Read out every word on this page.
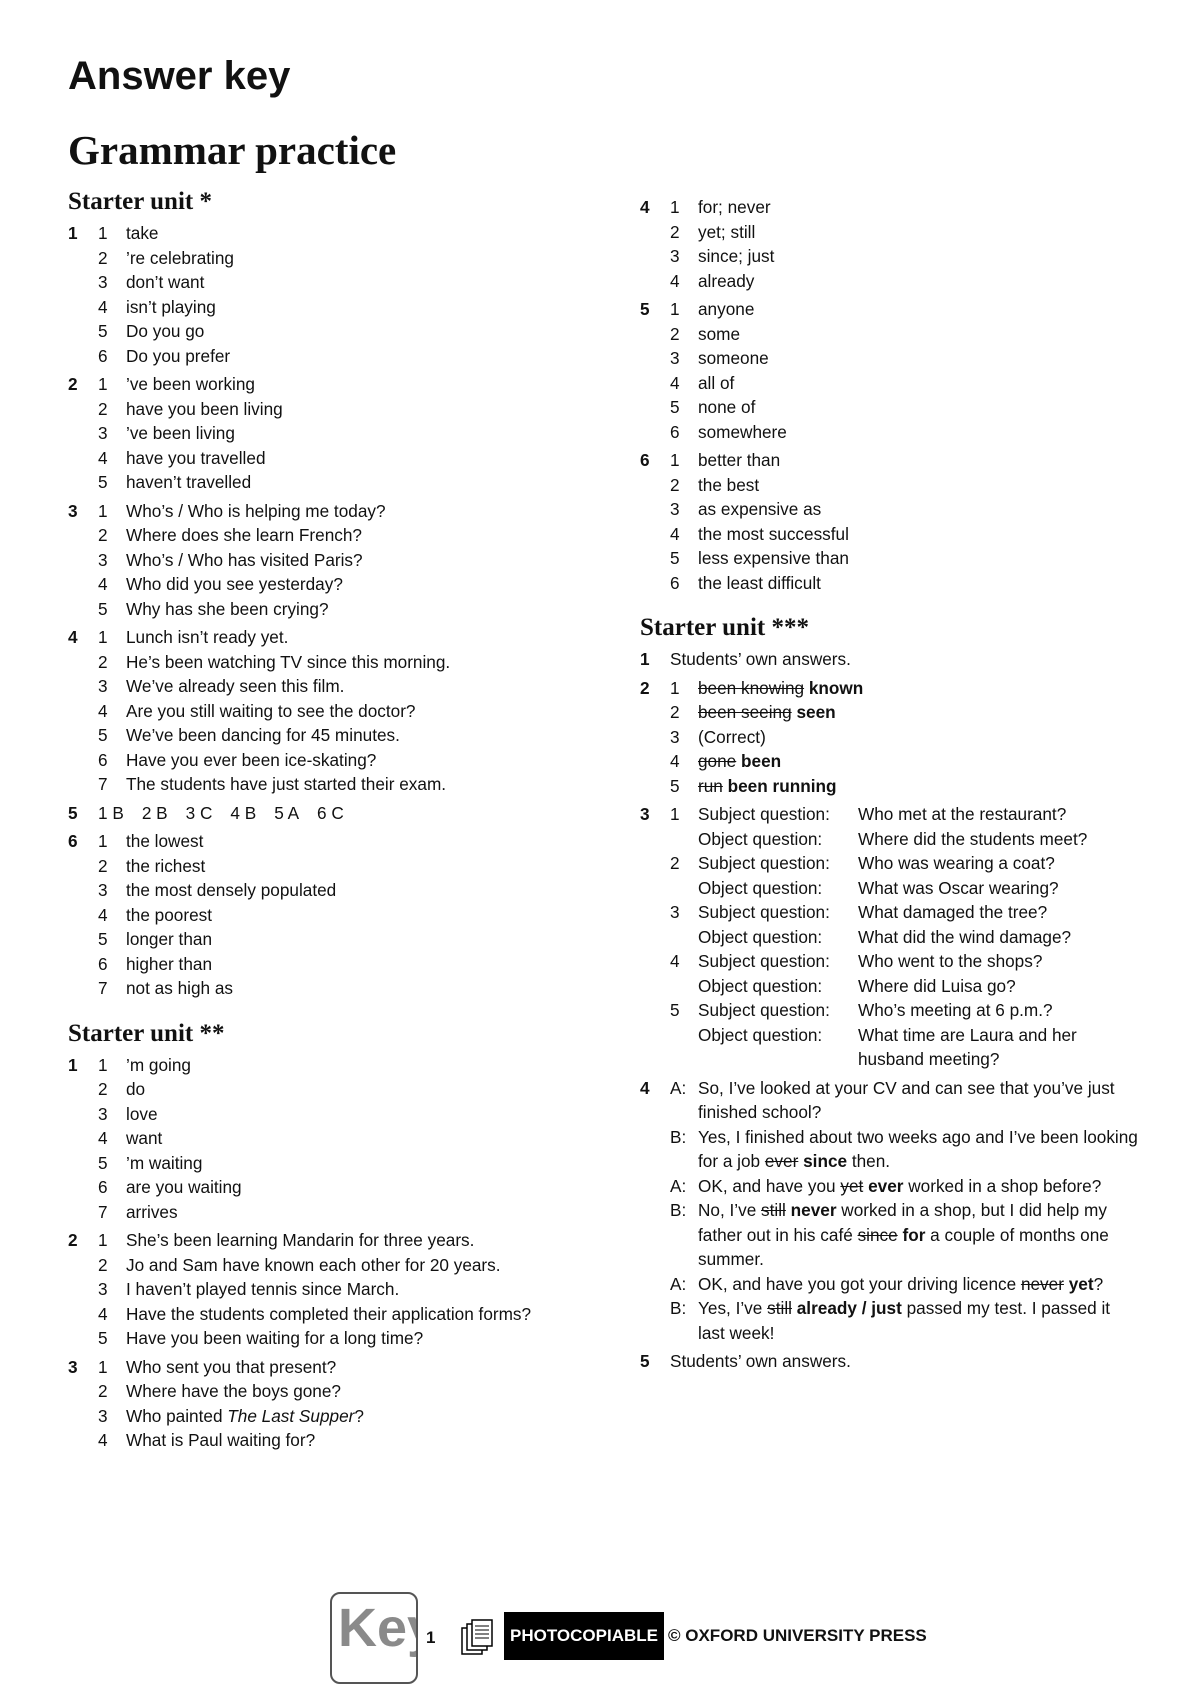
Answer key
Grammar practice
Starter unit *
1 1 take
2 ’re celebrating
3 don’t want
4 isn’t playing
5 Do you go
6 Do you prefer
2 1 ’ve been working
2 have you been living
3 ’ve been living
4 have you travelled
5 haven’t travelled
3 1 Who’s / Who is helping me today?
2 Where does she learn French?
3 Who’s / Who has visited Paris?
4 Who did you see yesterday?
5 Why has she been crying?
4 1 Lunch isn’t ready yet.
2 He’s been watching TV since this morning.
3 We’ve already seen this film.
4 Are you still waiting to see the doctor?
5 We’ve been dancing for 45 minutes.
6 Have you ever been ice-skating?
7 The students have just started their exam.
5 1 B 2 B 3 C 4 B 5 A 6 C
6 1 the lowest
2 the richest
3 the most densely populated
4 the poorest
5 longer than
6 higher than
7 not as high as
Starter unit **
1 1 ’m going
2 do
3 love
4 want
5 ’m waiting
6 are you waiting
7 arrives
2 1 She’s been learning Mandarin for three years.
2 Jo and Sam have known each other for 20 years.
3 I haven’t played tennis since March.
4 Have the students completed their application forms?
5 Have you been waiting for a long time?
3 1 Who sent you that present?
2 Where have the boys gone?
3 Who painted The Last Supper?
4 What is Paul waiting for?
4 1 for; never
2 yet; still
3 since; just
4 already
5 1 anyone
2 some
3 someone
4 all of
5 none of
6 somewhere
6 1 better than
2 the best
3 as expensive as
4 the most successful
5 less expensive than
6 the least difficult
Starter unit ***
1 Students’ own answers.
2 1 been knowing known
2 been seeing seen
3 (Correct)
4 gone been
5 run been running
3 1 Subject question:	Who met at the restaurant?
Object question:	Where did the students meet?
2 Subject question:	Who was wearing a coat?
Object question:	What was Oscar wearing?
3 Subject question:	What damaged the tree?
Object question:	What did the wind damage?
4 Subject question:	Who went to the shops?
Object question:	Where did Luisa go?
5 Subject question:	Who’s meeting at 6 p.m.?
Object question:	What time are Laura and her husband meeting?
4 A: So, I’ve looked at your CV and can see that you’ve just finished school?
B: Yes, I finished about two weeks ago and I’ve been looking for a job ever since then.
A: OK, and have you yet ever worked in a shop before?
B: No, I’ve still never worked in a shop, but I did help my father out in his café since for a couple of months one summer.
A: OK, and have you got your driving licence never yet?
B: Yes, I’ve still already / just passed my test. I passed it last week!
5 Students’ own answers.
Ke	1	PHOTOCOPIABLE © OXFORD UNIVERSITY PRESS
